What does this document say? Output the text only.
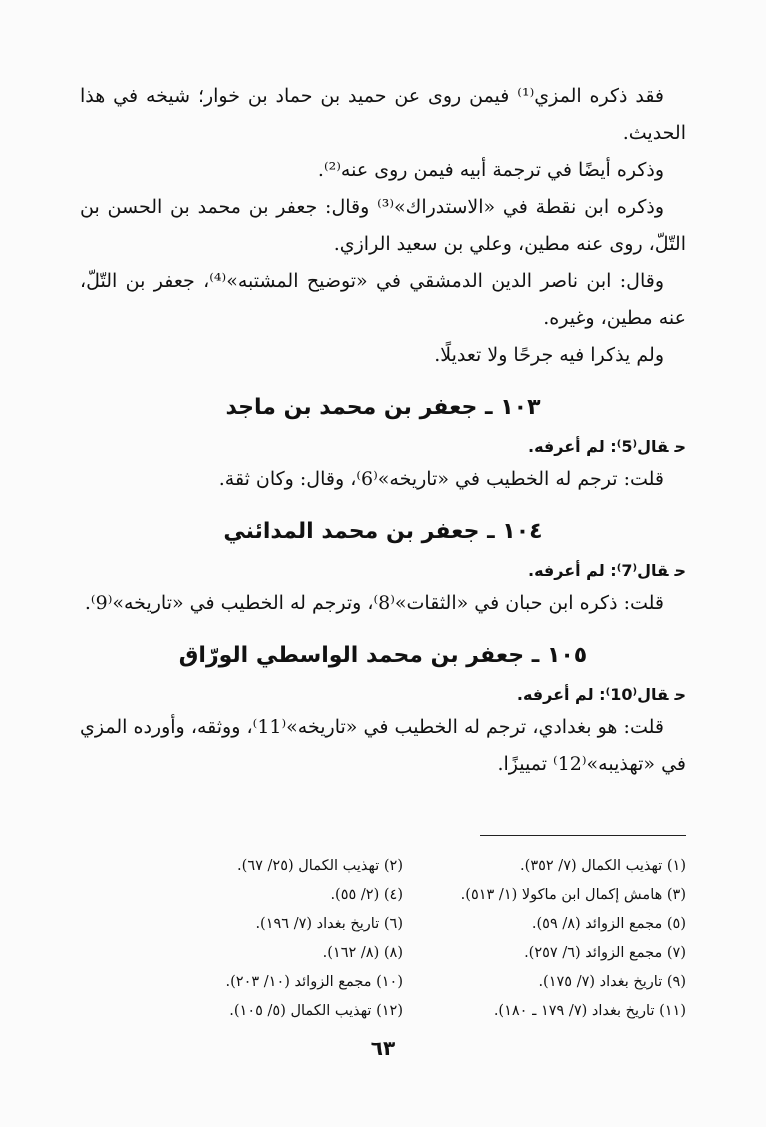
فقد ذكره المزي⁽¹⁾ فيمن روى عن حميد بن حماد بن خوار؛ شيخه في هذا الحديث.

وذكره أيضًا في ترجمة أبيه فيمن روى عنه⁽²⁾.

وذكره ابن نقطة في «الاستدراك»⁽³⁾ وقال: جعفر بن محمد بن الحسن بن التّلّ، روى عنه مطين، وعلي بن سعيد الرازي.

وقال: ابن ناصر الدين الدمشقي في «توضيح المشتبه»⁽⁴⁾، جعفر بن التّلّ، عنه مطين، وغيره.

ولم يذكرا فيه جرحًا ولا تعديلًا.

١٠٣ ـ جعفر بن محمد بن ماجد

حقال⁽5⁾: لم أعرفه.

قلت: ترجم له الخطيب في «تاريخه»⁽6⁾، وقال: وكان ثقة.

١٠٤ ـ جعفر بن محمد المدائني

حقال⁽7⁾: لم أعرفه.

قلت: ذكره ابن حبان في «الثقات»⁽8⁾، وترجم له الخطيب في «تاريخه»⁽9⁾.

١٠٥ ـ جعفر بن محمد الواسطي الورّاق

حقال⁽10⁾: لم أعرفه.

قلت: هو بغدادي، ترجم له الخطيب في «تاريخه»⁽11⁾، ووثقه، وأورده المزي في «تهذيبه»⁽12⁾ تمييزًا.

(١) تهذيب الكمال (٧/ ٣٥٢).
(٢) تهذيب الكمال (٢٥/ ٦٧).
(٣) هامش إكمال ابن ماكولا (١/ ٥١٣).
(٤) (٢/ ٥٥).
(٥) مجمع الزوائد (٨/ ٥٩).
(٦) تاريخ بغداد (٧/ ١٩٦).
(٧) مجمع الزوائد (٦/ ٢٥٧).
(٨) (٨/ ١٦٢).
(٩) تاريخ بغداد (٧/ ١٧٥).
(١٠) مجمع الزوائد (١٠/ ٢٠٣).
(١١) تاريخ بغداد (٧/ ١٧٩ ـ ١٨٠).
(١٢) تهذيب الكمال (٥/ ١٠٥).
٦٣
